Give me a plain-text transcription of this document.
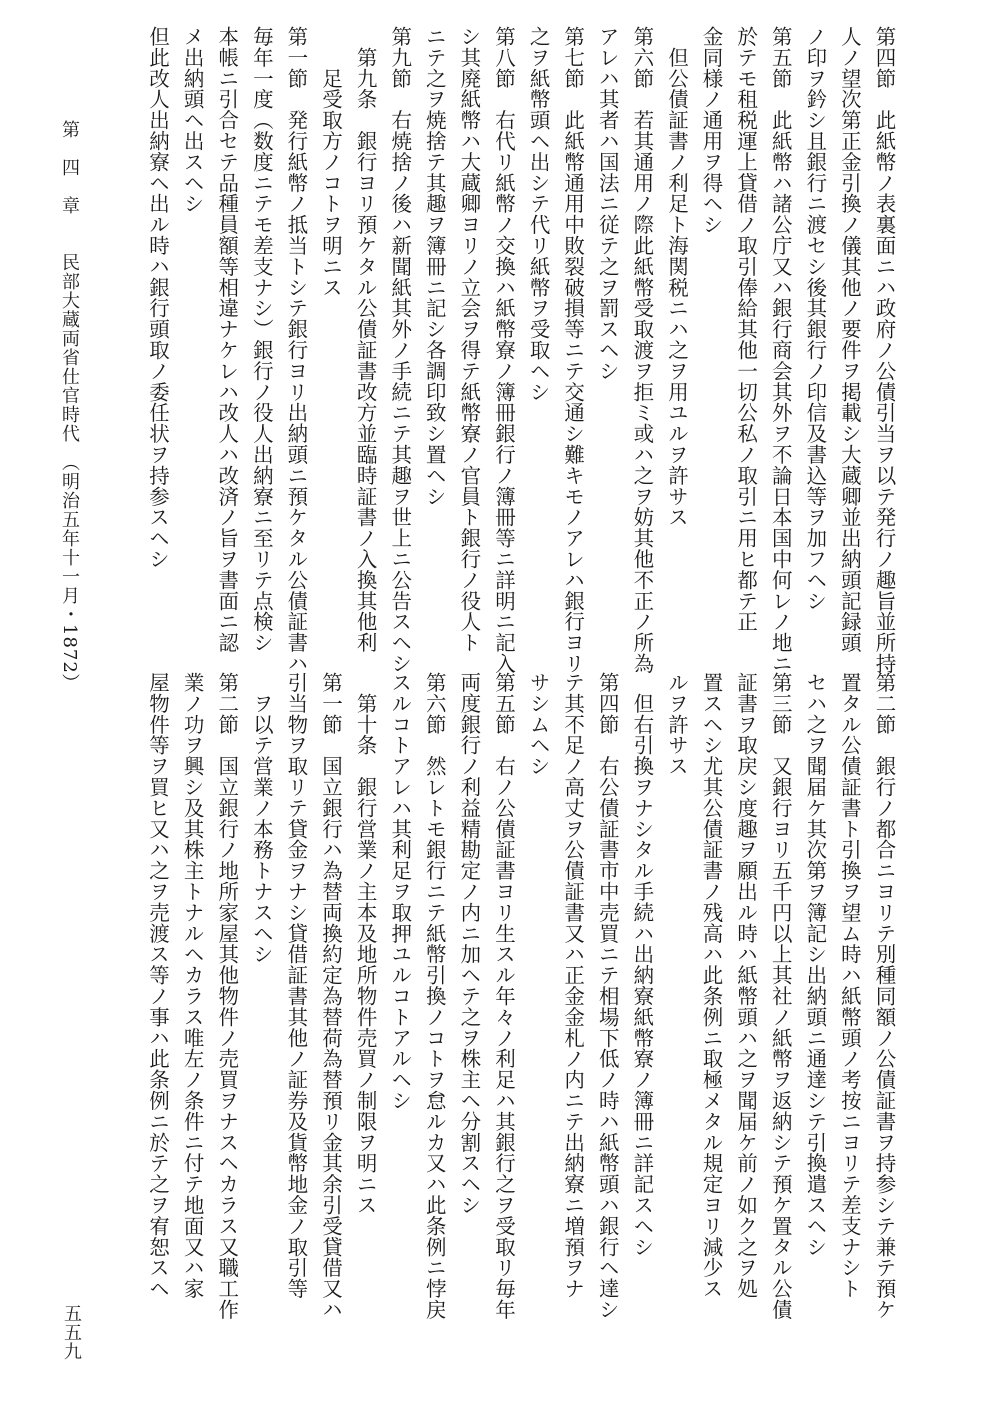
第四節　此紙幣ノ表裏面ニハ政府ノ公債引当ヲ以テ発行ノ趣旨並所持
人ノ望次第正金引換ノ儀其他ノ要件ヲ掲載シ大蔵卿並出納頭記録頭
ノ印ヲ鈐シ且銀行ニ渡セシ後其銀行ノ印信及書込等ヲ加フヘシ
第五節　此紙幣ハ諸公庁又ハ銀行商会其外ヲ不論日本国中何レノ地ニ
於テモ租税運上貸借ノ取引俸給其他一切公私ノ取引ニ用ヒ都テ正
金同様ノ通用ヲ得ヘシ
　但公債証書ノ利足ト海関税ニハ之ヲ用ユルヲ許サス
第六節　若其通用ノ際此紙幣受取渡ヲ拒ミ或ハ之ヲ妨其他不正ノ所為
アレハ其者ハ国法ニ従テ之ヲ罰スヘシ
第七節　此紙幣通用中敗裂破損等ニテ交通シ難キモノアレハ銀行ヨリ
之ヲ紙幣頭ヘ出シテ代リ紙幣ヲ受取ヘシ
第八節　右代リ紙幣ノ交換ハ紙幣寮ノ簿冊銀行ノ簿冊等ニ詳明ニ記入
シ其廃紙幣ハ大蔵卿ヨリノ立会ヲ得テ紙幣寮ノ官員ト銀行ノ役人ト
ニテ之ヲ焼捨テ其趣ヲ簿冊ニ記シ各調印致シ置ヘシ
第九節　右焼捨ノ後ハ新聞紙其外ノ手続ニテ其趣ヲ世上ニ公告スヘシ
　第九条　銀行ヨリ預ケタル公債証書改方並臨時証書ノ入換其他利
　　足受取方ノコトヲ明ニス
第一節　発行紙幣ノ抵当トシテ銀行ヨリ出納頭ニ預ケタル公債証書ハ
毎年一度（数度ニテモ差支ナシ）銀行ノ役人出納寮ニ至リテ点検シ
本帳ニ引合セテ品種員額等相違ナケレハ改人ハ改済ノ旨ヲ書面ニ認
メ出納頭ヘ出スヘシ
但此改人出納寮ヘ出ル時ハ銀行頭取ノ委任状ヲ持参スヘシ
第二節　銀行ノ都合ニヨリテ別種同額ノ公債証書ヲ持参シテ兼テ預ケ
置タル公債証書ト引換ヲ望ム時ハ紙幣頭ノ考按ニヨリテ差支ナシト
セハ之ヲ聞届ケ其次第ヲ簿記シ出納頭ニ通達シテ引換遣スヘシ
第三節　又銀行ヨリ五千円以上其社ノ紙幣ヲ返納シテ預ケ置タル公債
証書ヲ取戻シ度趣ヲ願出ル時ハ紙幣頭ハ之ヲ聞届ケ前ノ如ク之ヲ処
置スヘシ尤其公債証書ノ残高ハ此条例ニ取極メタル規定ヨリ減少ス
ルヲ許サス
　但右引換ヲナシタル手続ハ出納寮紙幣寮ノ簿冊ニ詳記スヘシ
第四節　右公債証書市中売買ニテ相場下低ノ時ハ紙幣頭ハ銀行ヘ達シ
テ其不足ノ高丈ヲ公債証書又ハ正金金札ノ内ニテ出納寮ニ増預ヲナ
サシムヘシ
第五節　右ノ公債証書ヨリ生スル年々ノ利足ハ其銀行之ヲ受取リ毎年
両度銀行ノ利益精勘定ノ内ニ加ヘテ之ヲ株主ヘ分割スヘシ
第六節　然レトモ銀行ニテ紙幣引換ノコトヲ怠ルカ又ハ此条例ニ悖戻
スルコトアレハ其利足ヲ取押ユルコトアルヘシ
　第十条　銀行営業ノ主本及地所物件売買ノ制限ヲ明ニス
第一節　国立銀行ハ為替両換約定為替荷為替預リ金其余引受貸借又ハ
引当物ヲ取リテ貸金ヲナシ貸借証書其他ノ証券及貨幣地金ノ取引等
　ヲ以テ営業ノ本務トナスヘシ
第二節　国立銀行ノ地所家屋其他物件ノ売買ヲナスヘカラス又職工作
業ノ功ヲ興シ及其株主トナルヘカラス唯左ノ条件ニ付テ地面又ハ家
屋物件等ヲ買ヒ又ハ之ヲ売渡ス等ノ事ハ此条例ニ於テ之ヲ宥恕スヘ
第　四　章　　民部大蔵両省仕官時代　（明治五年十一月・1872）
五五九
